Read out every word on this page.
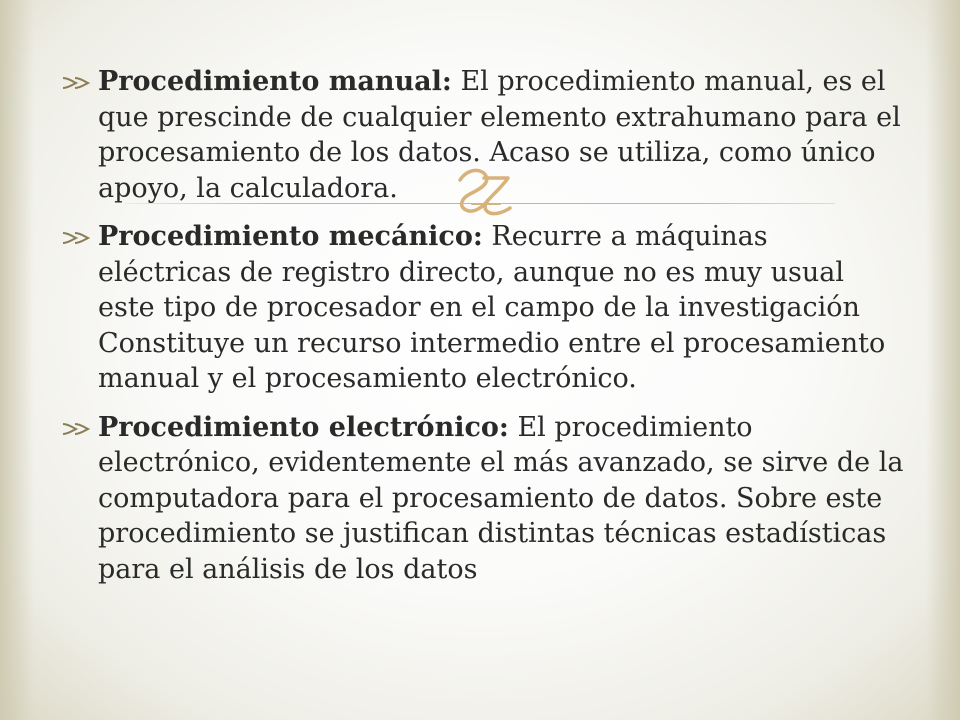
Procedimiento manual: El procedimiento manual, es el que prescinde de cualquier elemento extrahumano para el procesamiento de los datos. Acaso se utiliza, como único apoyo, la calculadora.
Procedimiento mecánico: Recurre a máquinas eléctricas de registro directo, aunque no es muy usual este tipo de procesador en el campo de la investigación Constituye un recurso intermedio entre el procesamiento manual y el procesamiento electrónico.
Procedimiento electrónico: El procedimiento electrónico, evidentemente el más avanzado, se sirve de la computadora para el procesamiento de datos. Sobre este procedimiento se justifican distintas técnicas estadísticas para el análisis de los datos
